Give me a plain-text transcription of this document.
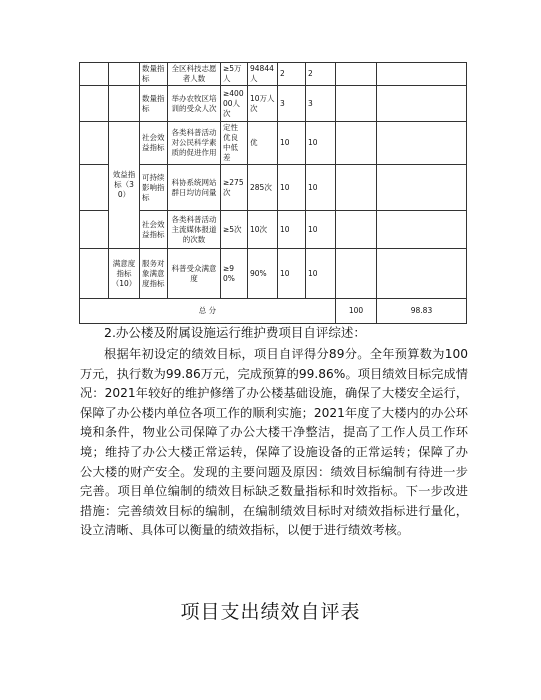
		数量指标	全区科技志愿者人数	≥5万人	94844人	2	2		
		数量指标	举办农牧区培训的受众人次	≥40000人次	10万人次	3	3		
	效益指标（30）	社会效益指标	各类科普活动对公民科学素质的促进作用	定性优良中低差	优	10	10		
		可持续影响指标	科协系统网站群日均访问量	≥275次	285次	10	10		
		社会效益指标	各类科普活动主流媒体报道的次数	≥5次	10次	10	10		
	满意度指标（10）	服务对象满意度指标	科普受众满意度	≥90%	90%	10	10		
总 分								100	98.83
2.办公楼及附属设施运行维护费项目自评综述：
根据年初设定的绩效目标，项目自评得分89分。全年预算数为100万元，执行数为99.86万元，完成预算的99.86%。项目绩效目标完成情况：2021年较好的维护修缮了办公楼基础设施，确保了大楼安全运行，保障了办公楼内单位各项工作的顺利实施；2021年度了大楼内的办公环境和条件，物业公司保障了办公大楼干净整洁，提高了工作人员工作环境；维持了办公大楼正常运转，保障了设施设备的正常运转；保障了办公大楼的财产安全。发现的主要问题及原因：绩效目标编制有待进一步完善。项目单位编制的绩效目标缺乏数量指标和时效指标。下一步改进措施：完善绩效目标的编制，在编制绩效目标时对绩效指标进行量化，设立清晰、具体可以衡量的绩效指标，以便于进行绩效考核。
项目支出绩效自评表
